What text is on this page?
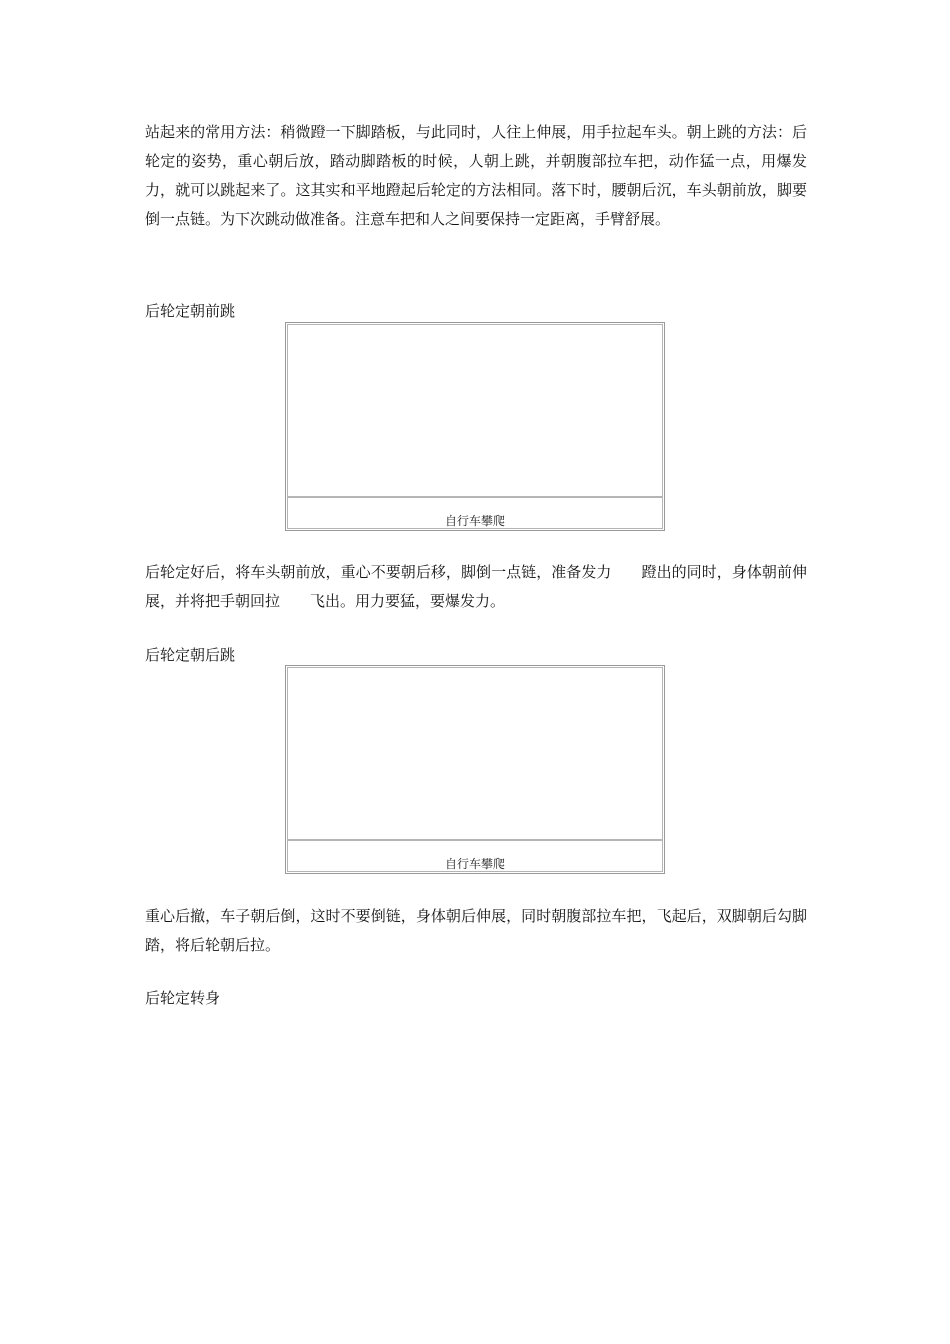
站起来的常用方法：稍微蹬一下脚踏板，与此同时，人往上伸展，用手拉起车头。朝上跳的方法：后轮定的姿势，重心朝后放，踏动脚踏板的时候，人朝上跳，并朝腹部拉车把，动作猛一点，用爆发力，就可以跳起来了。这其实和平地蹬起后轮定的方法相同。落下时，腰朝后沉，车头朝前放，脚要倒一点链。为下次跳动做准备。注意车把和人之间要保持一定距离，手臂舒展。

后轮定朝前跳

自行车攀爬

后轮定好后，将车头朝前放，重心不要朝后移，脚倒一点链，准备发力　　蹬出的同时，身体朝前伸展，并将把手朝回拉　　飞出。用力要猛，要爆发力。

后轮定朝后跳

自行车攀爬

重心后撤，车子朝后倒，这时不要倒链，身体朝后伸展，同时朝腹部拉车把，飞起后，双脚朝后勾脚踏，将后轮朝后拉。

后轮定转身
